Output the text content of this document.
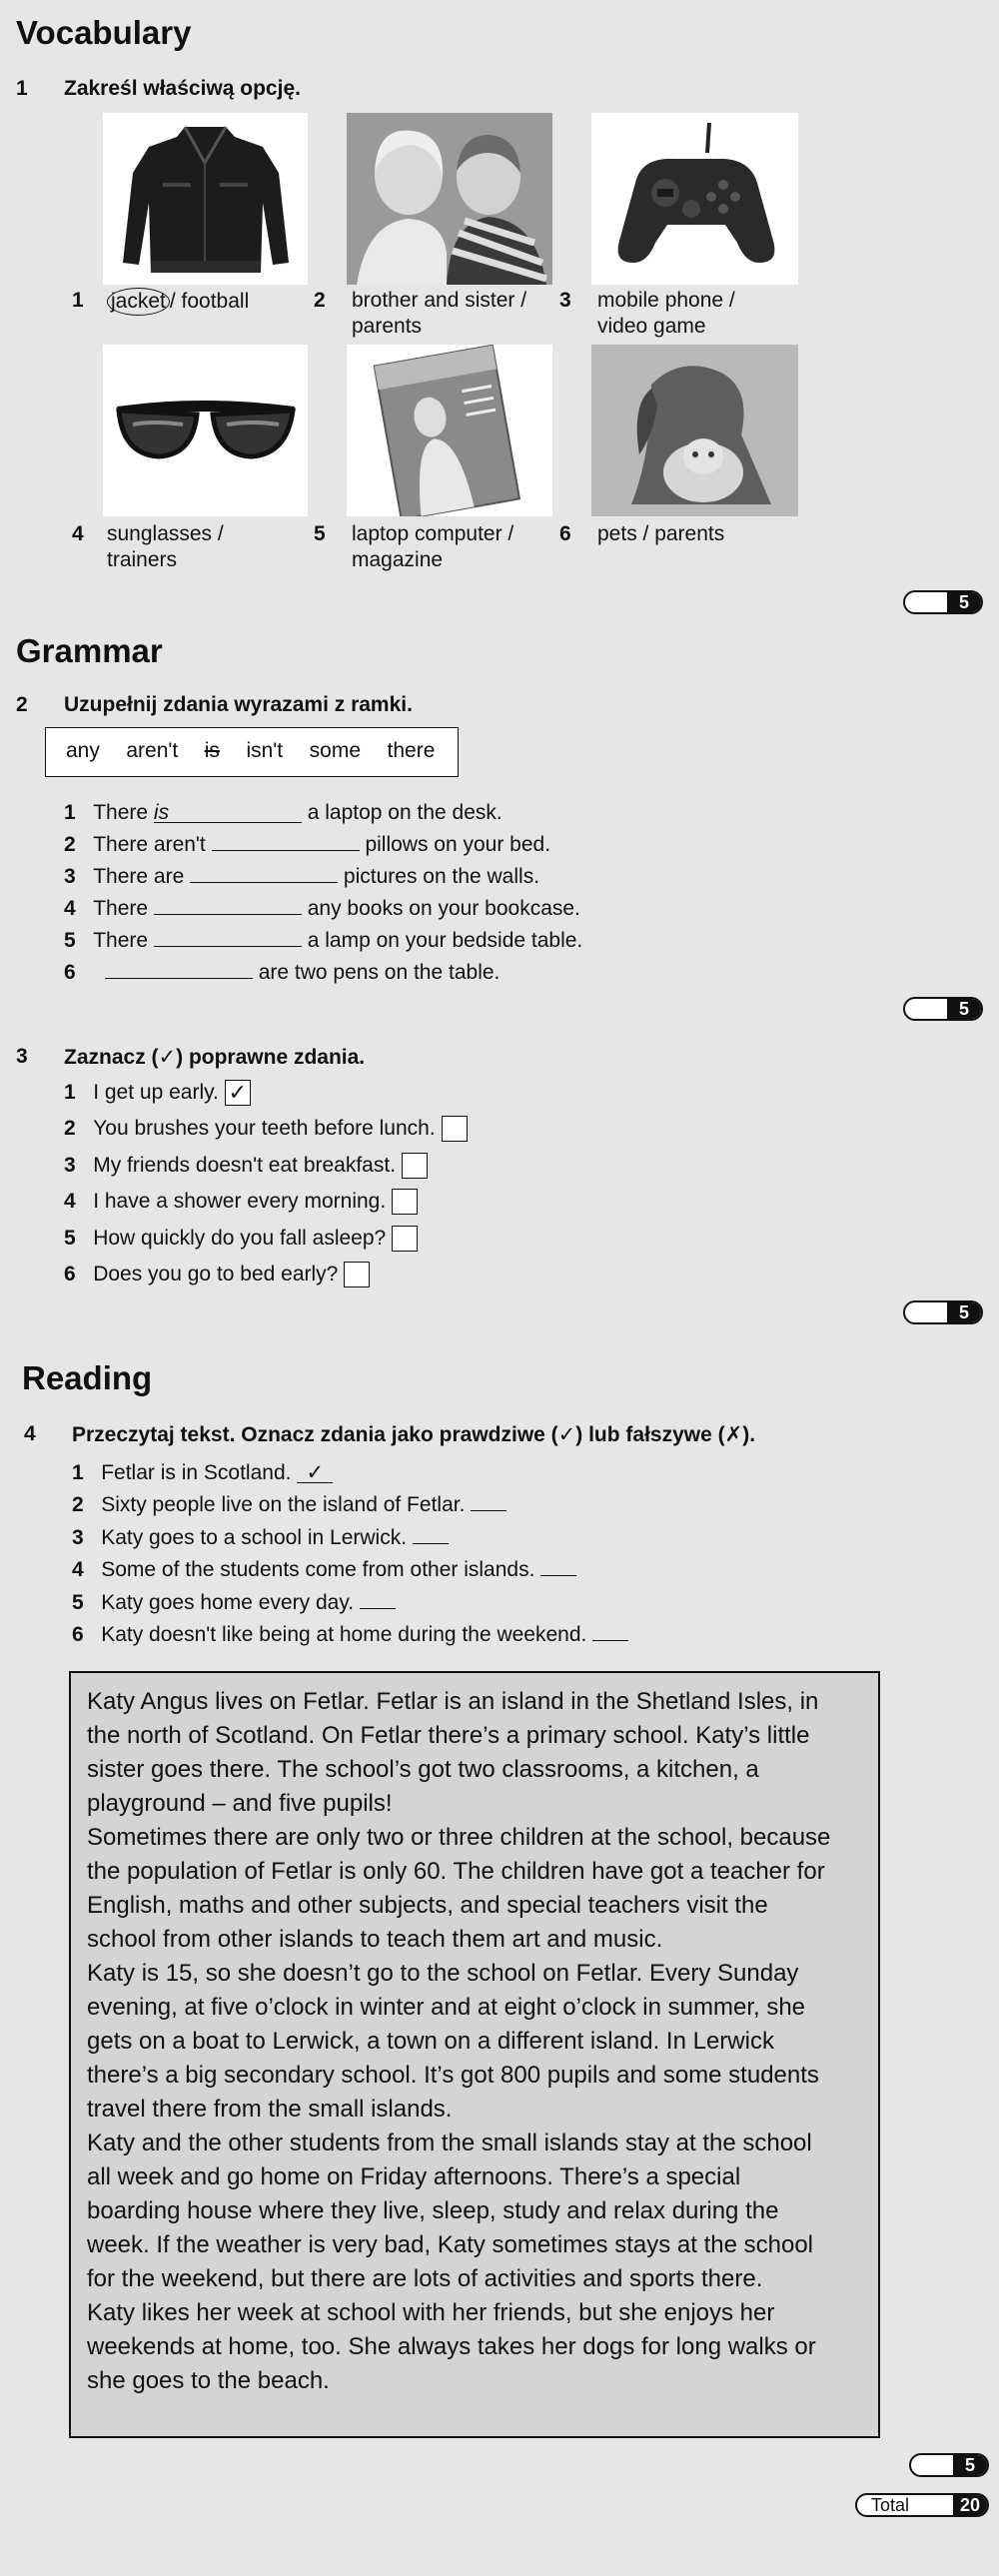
Vocabulary
1 Zakreśl właściwą opcję.
1 jacket / football	2 brother and sister /
parents
3 mobile phone /
video game
4 sunglasses /
trainers
5 laptop computer /
magazine
6 pets / parents
5
Grammar
2 Uzupełnij zdania wyrazami z ramki.
any aren't is isn't some there
1 There is	a laptop on the desk.
2 There aren't	pillows on your bed.
3 There are	pictures on the walls.
4 There	any books on your bookcase.
5 There	a lamp on your bedside table.
6	are two pens on the table.
5
3 Zaznacz (✓) poprawne zdania.
1 I get up early. ✓
2 You brushes your teeth before lunch.
3 My friends doesn't eat breakfast.
4 I have a shower every morning.
5 How quickly do you fall asleep?
6 Does you go to bed early?
5
Reading
4 Przeczytaj tekst. Oznacz zdania jako prawdziwe (✓) lub fałszywe (✗).
1 Fetlar is in Scotland. ✓
2 Sixty people live on the island of Fetlar.
3 Katy goes to a school in Lerwick.
4 Some of the students come from other islands.
5 Katy goes home every day.
6 Katy doesn't like being at home during the weekend.

Katy Angus lives on Fetlar. Fetlar is an island in the Shetland Isles, in
the north of Scotland. On Fetlar there’s a primary school. Katy’s little
sister goes there. The school’s got two classrooms, a kitchen, a
playground – and five pupils!

Sometimes there are only two or three children at the school, because
the population of Fetlar is only 60. The children have got a teacher for
English, maths and other subjects, and special teachers visit the
school from other islands to teach them art and music.

Katy is 15, so she doesn’t go to the school on Fetlar. Every Sunday
evening, at five o’clock in winter and at eight o’clock in summer, she
gets on a boat to Lerwick, a town on a different island. In Lerwick
there’s a big secondary school. It’s got 800 pupils and some students
travel there from the small islands.

Katy and the other students from the small islands stay at the school
all week and go home on Friday afternoons. There’s a special
boarding house where they live, sleep, study and relax during the
week. If the weather is very bad, Katy sometimes stays at the school
for the weekend, but there are lots of activities and sports there.

Katy likes her week at school with her friends, but she enjoys her
weekends at home, too. She always takes her dogs for long walks or
she goes to the beach.

5
Total	20
